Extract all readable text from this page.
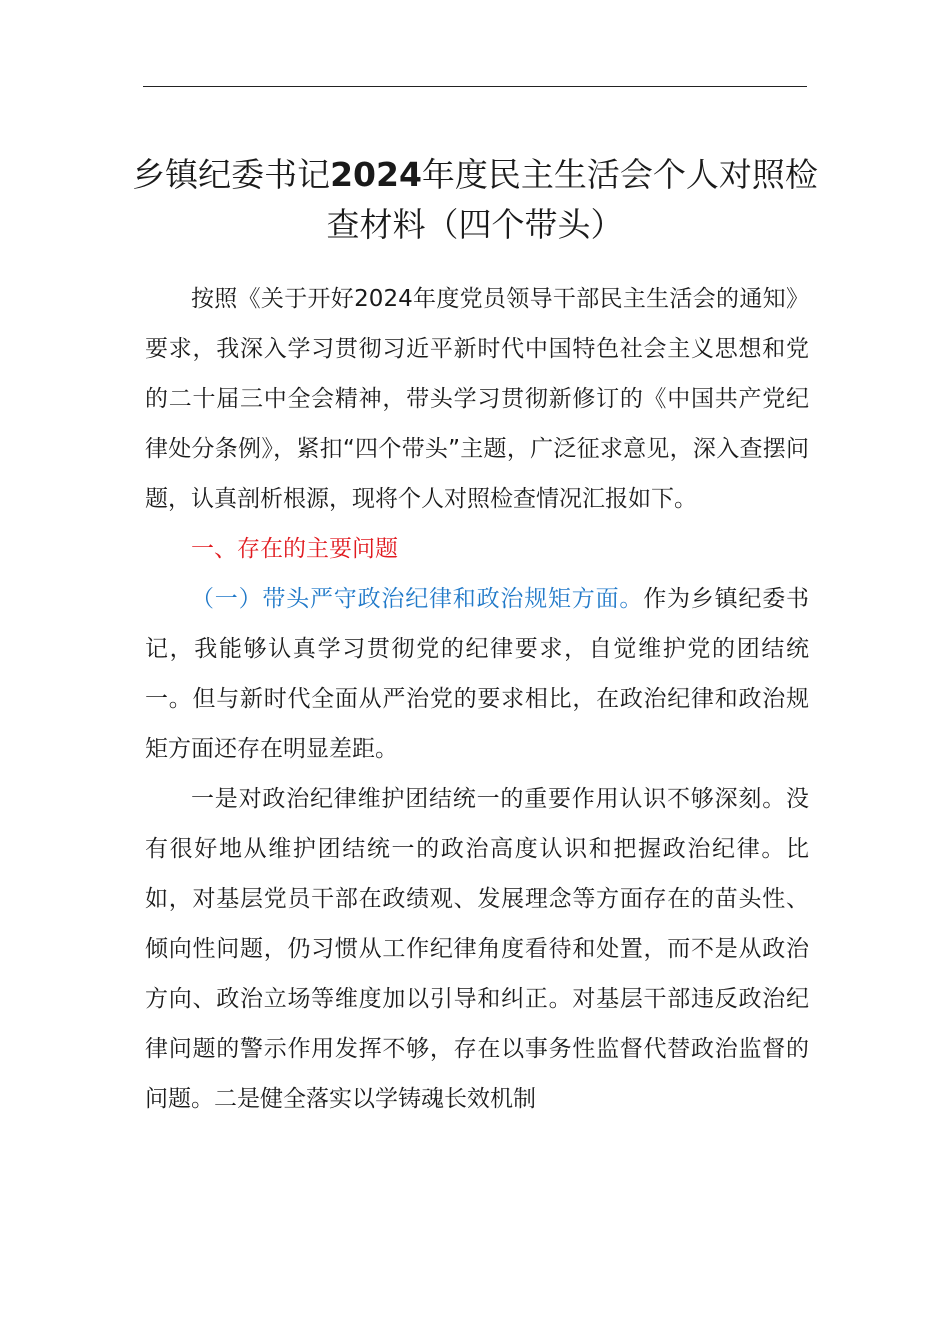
乡镇纪委书记2024年度民主生活会个人对照检查材料（四个带头）

按照《关于开好2024年度党员领导干部民主生活会的通知》要求，我深入学习贯彻习近平新时代中国特色社会主义思想和党的二十届三中全会精神，带头学习贯彻新修订的《中国共产党纪律处分条例》，紧扣“四个带头”主题，广泛征求意见，深入查摆问题，认真剖析根源，现将个人对照检查情况汇报如下。

一、存在的主要问题

（一）带头严守政治纪律和政治规矩方面。作为乡镇纪委书记，我能够认真学习贯彻党的纪律要求，自觉维护党的团结统一。但与新时代全面从严治党的要求相比，在政治纪律和政治规矩方面还存在明显差距。

一是对政治纪律维护团结统一的重要作用认识不够深刻。没有很好地从维护团结统一的政治高度认识和把握政治纪律。比如，对基层党员干部在政绩观、发展理念等方面存在的苗头性、倾向性问题，仍习惯从工作纪律角度看待和处置，而不是从政治方向、政治立场等维度加以引导和纠正。对基层干部违反政治纪律问题的警示作用发挥不够，存在以事务性监督代替政治监督的问题。二是健全落实以学铸魂长效机制
